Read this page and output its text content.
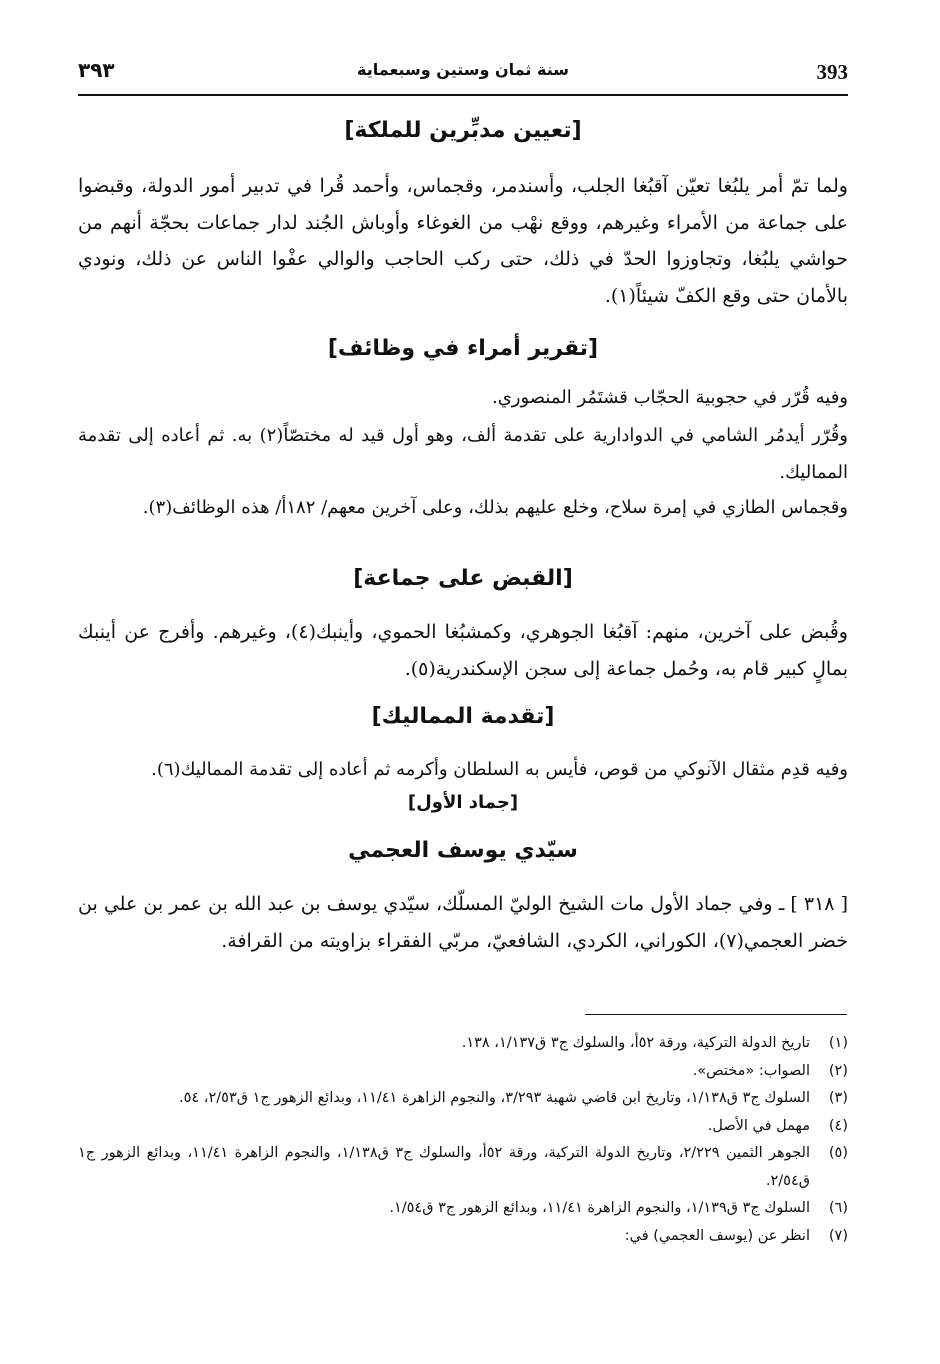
393
سنة ثمان وستين وسبعماية
٣٩٣
[تعيين مدبِّرين للملكة]
ولما تمّ أمر يلبُغا تعيّن آقبُغا الجلب، وأسندمر، وقجماس، وأحمد قُرا في تدبير أمور الدولة، وقبضوا على جماعة من الأمراء وغيرهم، ووقع نهْب من الغوغاء وأوباش الجُند لدار جماعات بحجّة أنهم من حواشي يلبُغا، وتجاوزوا الحدّ في ذلك، حتى ركب الحاجب والوالي عفْوا الناس عن ذلك، ونودي بالأمان حتى وقع الكفّ شيئاً(١).
[تقرير أمراء في وظائف]
وفيه قُرّر في حجوبية الحجّاب قشتَمُر المنصوري.
وقُرّر أيدمُر الشامي في الدوادارية على تقدمة ألف، وهو أول قيد له مختصّاً(٢) به. ثم أعاده إلى تقدمة المماليك.
وقجماس الطازي في إمرة سلاح، وخلع عليهم بذلك، وعلى آخرين معهم/ ١٨٢أ/ هذه الوظائف(٣).
[القبض على جماعة]
وقُبض على آخرين، منهم: آقبُغا الجوهري، وكمشبُغا الحموي، وأينبك(٤)، وغيرهم. وأفرج عن أينبك بمالٍ كبير قام به، وحُمل جماعة إلى سجن الإسكندرية(٥).
[تقدمة المماليك]
وفيه قدِم مثقال الآنوكي من قوص، فأيس به السلطان وأكرمه ثم أعاده إلى تقدمة المماليك(٦).
[جماد الأول]
سيّدي يوسف العجمي
[ ٣١٨ ] ـ وفي جماد الأول مات الشيخ الوليّ المسلّك، سيّدي يوسف بن عبد الله بن عمر بن علي بن خضر العجمي(٧)، الكوراني، الكردي، الشافعيّ، مربّي الفقراء بزاويته من القرافة.
(١)
تاريخ الدولة التركية، ورقة ٥٢أ، والسلوك ج٣ ق١/١٣٧، ١٣٨.
(٢)
الصواب: «مختص».
(٣)
السلوك ج٣ ق١/١٣٨، وتاريخ ابن قاضي شهبة ٣/٢٩٣، والنجوم الزاهرة ١١/٤١، وبدائع الزهور ج١ ق٢/٥٣، ٥٤.
(٤)
مهمل في الأصل.
(٥)
الجوهر الثمين ٢/٢٢٩، وتاريخ الدولة التركية، ورقة ٥٢أ، والسلوك ج٣ ق١/١٣٨، والنجوم الزاهرة ١١/٤١، وبدائع الزهور ج١ ق٢/٥٤.
(٦)
السلوك ج٣ ق١/١٣٩، والنجوم الزاهرة ١١/٤١، وبدائع الزهور ج٣ ق١/٥٤.
(٧)
انظر عن (يوسف العجمي) في:
